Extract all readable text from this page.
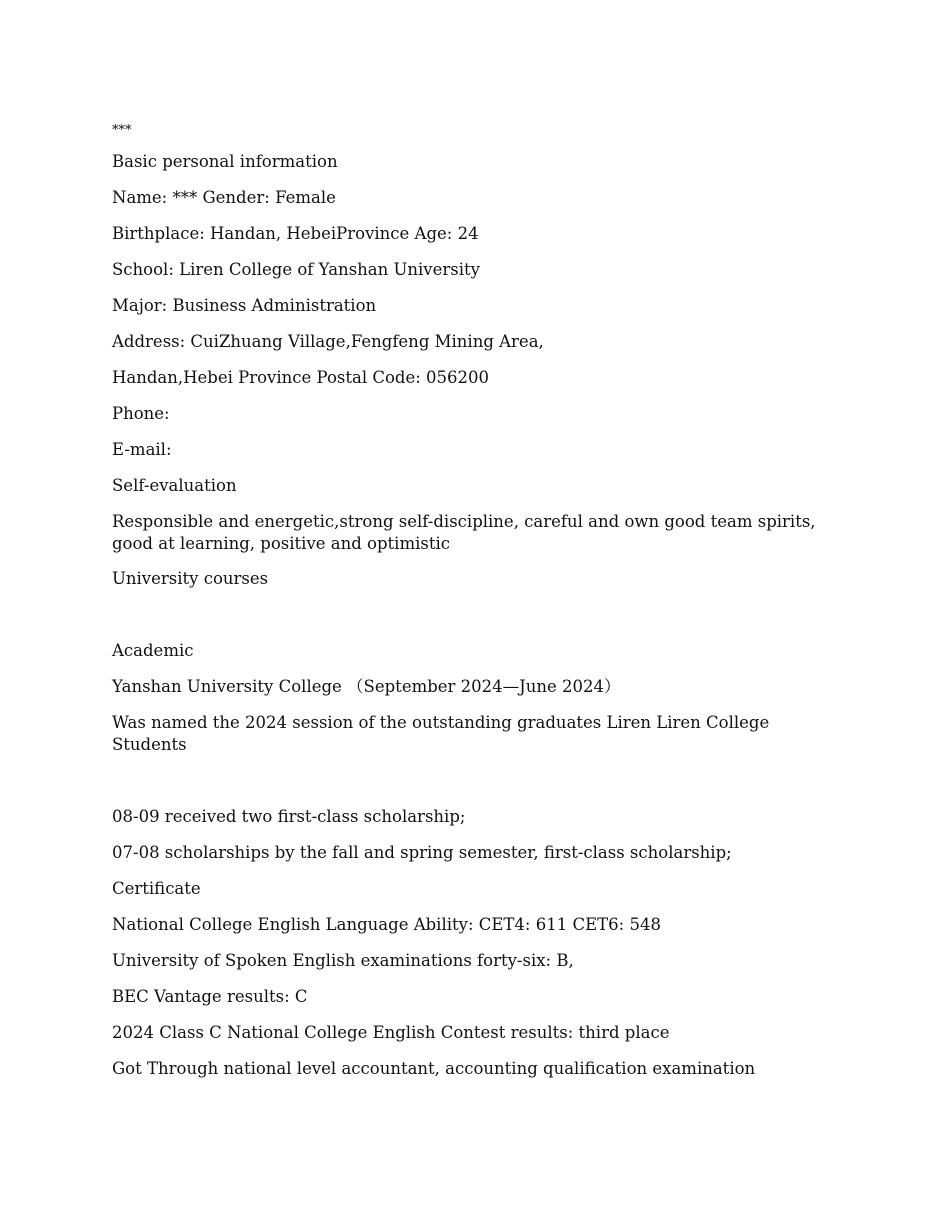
***
Basic personal information
Name: *** Gender: Female
Birthplace: Handan, HebeiProvince Age: 24
School: Liren College of Yanshan University
Major: Business Administration
Address: CuiZhuang Village,Fengfeng Mining Area,
Handan,Hebei Province Postal Code: 056200
Phone:
E-mail:
Self-evaluation
Responsible and energetic,strong self-discipline, careful and own good team spirits, good at learning, positive and optimistic
University courses
Academic
Yanshan University College （September 2024—June 2024）
Was named the 2024 session of the outstanding graduates Liren Liren College Students
08-09 received two first-class scholarship;
07-08 scholarships by the fall and spring semester, first-class scholarship;
Certificate
National College English Language Ability: CET4: 611 CET6: 548
University of Spoken English examinations forty-six: B,
BEC Vantage results: C
2024 Class C National College English Contest results: third place
Got Through national level accountant, accounting qualification examination
